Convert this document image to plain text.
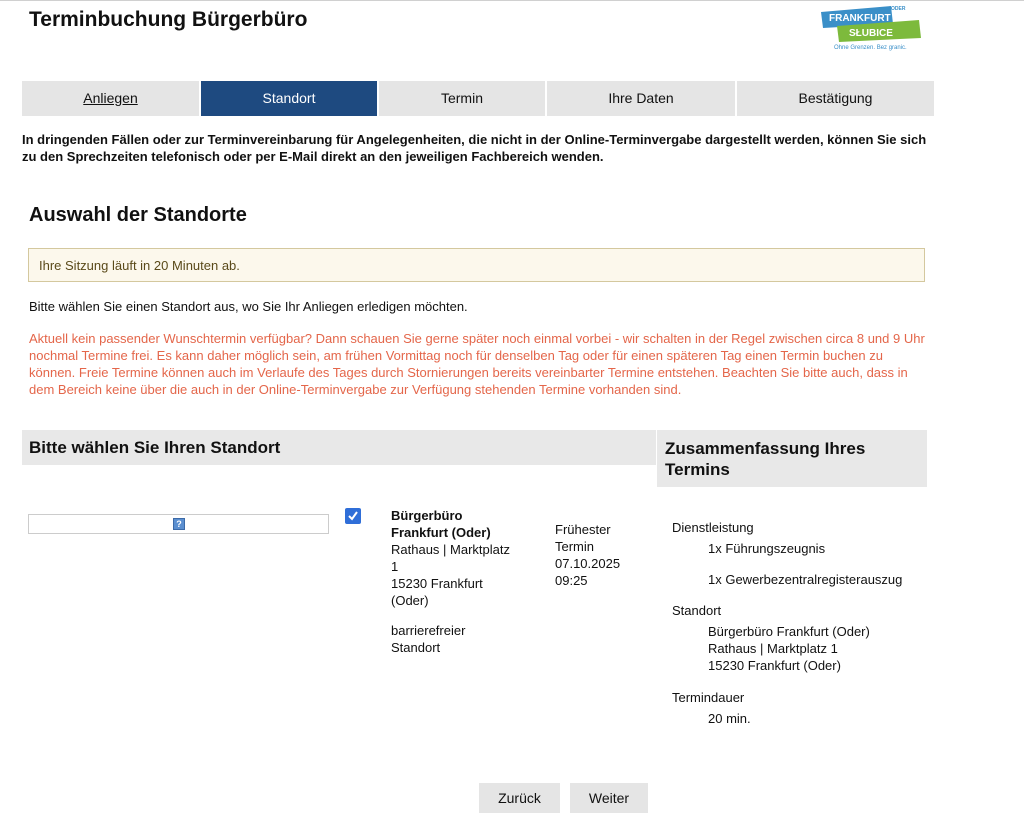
Terminbuchung Bürgerbüro	ODER
FRANKFURT
SŁUBICE
Ohne Grenzen. Bez granic.
Anliegen	Standort	Termin	Ihre Daten	Bestätigung
In dringenden Fällen oder zur Terminvereinbarung für Angelegenheiten, die nicht in der Online-Terminvergabe dargestellt werden, können Sie sich zu den Sprechzeiten telefonisch oder per E-Mail direkt an den jeweiligen Fachbereich wenden.
Auswahl der Standorte
Ihre Sitzung läuft in 20 Minuten ab.
Bitte wählen Sie einen Standort aus, wo Sie Ihr Anliegen erledigen möchten.
Aktuell kein passender Wunschtermin verfügbar? Dann schauen Sie gerne später noch einmal vorbei - wir schalten in der Regel zwischen circa 8 und 9 Uhr nochmal Termine frei. Es kann daher möglich sein, am frühen Vormittag noch für denselben Tag oder für einen späteren Tag einen Termin buchen zu können. Freie Termine können auch im Verlaufe des Tages durch Stornierungen bereits vereinbarter Termine entstehen. Beachten Sie bitte auch, dass in dem Bereich keine über die auch in der Online-Terminvergabe zur Verfügung stehenden Termine vorhanden sind.
Bitte wählen Sie Ihren Standort	Zusammenfassung Ihres Termins
?
Bürgerbüro
Frankfurt (Oder)
Rathaus | Marktplatz
1
15230 Frankfurt
(Oder)
barrierefreier
Standort
Frühester
Termin
07.10.2025
09:25
Dienstleistung
1x Führungszeugnis
1x Gewerbezentralregisterauszug
Standort
Bürgerbüro Frankfurt (Oder)
Rathaus | Marktplatz 1
15230 Frankfurt (Oder)
Termindauer
20 min.
Zurück	Weiter
